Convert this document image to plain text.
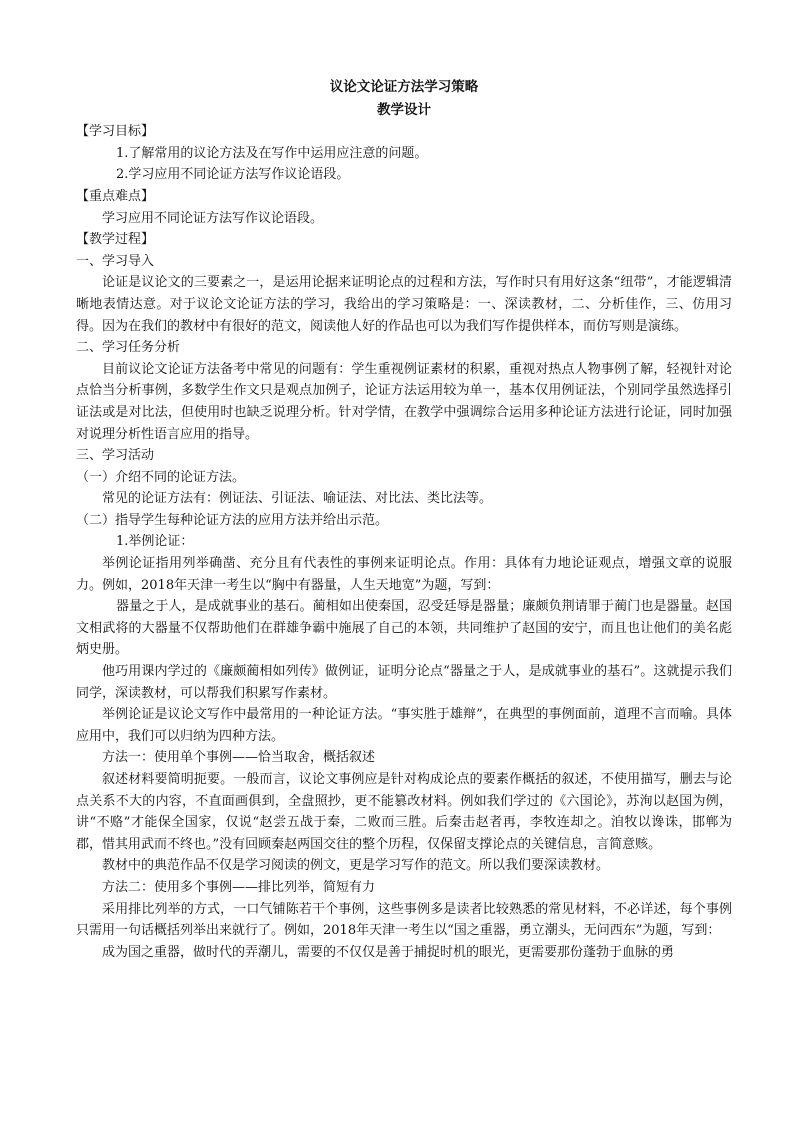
议论文论证方法学习策略

教学设计

【学习目标】

1.了解常用的议论方法及在写作中运用应注意的问题。

2.学习应用不同论证方法写作议论语段。

【重点难点】

学习应用不同论证方法写作议论语段。

【教学过程】

一、学习导入

论证是议论文的三要素之一，是运用论据来证明论点的过程和方法，写作时只有用好这条“纽带”，才能逻辑清晰地表情达意。对于议论文论证方法的学习，我给出的学习策略是：一、深读教材，二、分析佳作，三、仿用习得。因为在我们的教材中有很好的范文，阅读他人好的作品也可以为我们写作提供样本，而仿写则是演练。

二、学习任务分析

目前议论文论证方法备考中常见的问题有：学生重视例证素材的积累，重视对热点人物事例了解，轻视针对论点恰当分析事例，多数学生作文只是观点加例子，论证方法运用较为单一，基本仅用例证法，个别同学虽然选择引证法或是对比法，但使用时也缺乏说理分析。针对学情，在教学中强调综合运用多种论证方法进行论证，同时加强对说理分析性语言应用的指导。

三、学习活动

（一）介绍不同的论证方法。

常见的论证方法有：例证法、引证法、喻证法、对比法、类比法等。

（二）指导学生每种论证方法的应用方法并给出示范。

1.举例论证：

举例论证指用列举确凿、充分且有代表性的事例来证明论点。作用：具体有力地论证观点，增强文章的说服力。例如，2018年天津一考生以“胸中有器量，人生天地宽”为题，写到：

器量之于人，是成就事业的基石。蔺相如出使秦国，忍受廷辱是器量；廉颇负荆请罪于蔺门也是器量。赵国文相武将的大器量不仅帮助他们在群雄争霸中施展了自己的本领，共同维护了赵国的安宁，而且也让他们的美名彪炳史册。

他巧用课内学过的《廉颇蔺相如列传》做例证，证明分论点“器量之于人，是成就事业的基石”。这就提示我们同学，深读教材，可以帮我们积累写作素材。

举例论证是议论文写作中最常用的一种论证方法。“事实胜于雄辩”，在典型的事例面前，道理不言而喻。具体应用中，我们可以归纳为四种方法。

方法一：使用单个事例——恰当取舍，概括叙述

叙述材料要简明扼要。一般而言，议论文事例应是针对构成论点的要素作概括的叙述，不使用描写，删去与论点关系不大的内容，不直面画俱到，全盘照抄，更不能篡改材料。例如我们学过的《六国论》，苏洵以赵国为例，讲“不赂”才能保全国家，仅说“赵尝五战于秦，二败而三胜。后秦击赵者再，李牧连却之。洎牧以谗诛，邯郸为郡，惜其用武而不终也。”没有回顾秦赵两国交往的整个历程，仅保留支撑论点的关键信息，言简意赅。

教材中的典范作品不仅是学习阅读的例文，更是学习写作的范文。所以我们要深读教材。

方法二：使用多个事例——排比列举，简短有力

采用排比列举的方式，一口气铺陈若干个事例，这些事例多是读者比较熟悉的常见材料，不必详述，每个事例只需用一句话概括列举出来就行了。例如，2018年天津一考生以“国之重器，勇立潮头，无问西东”为题，写到：

成为国之重器，做时代的弄潮儿，需要的不仅仅是善于捕捉时机的眼光，更需要那份蓬勃于血脉的勇
